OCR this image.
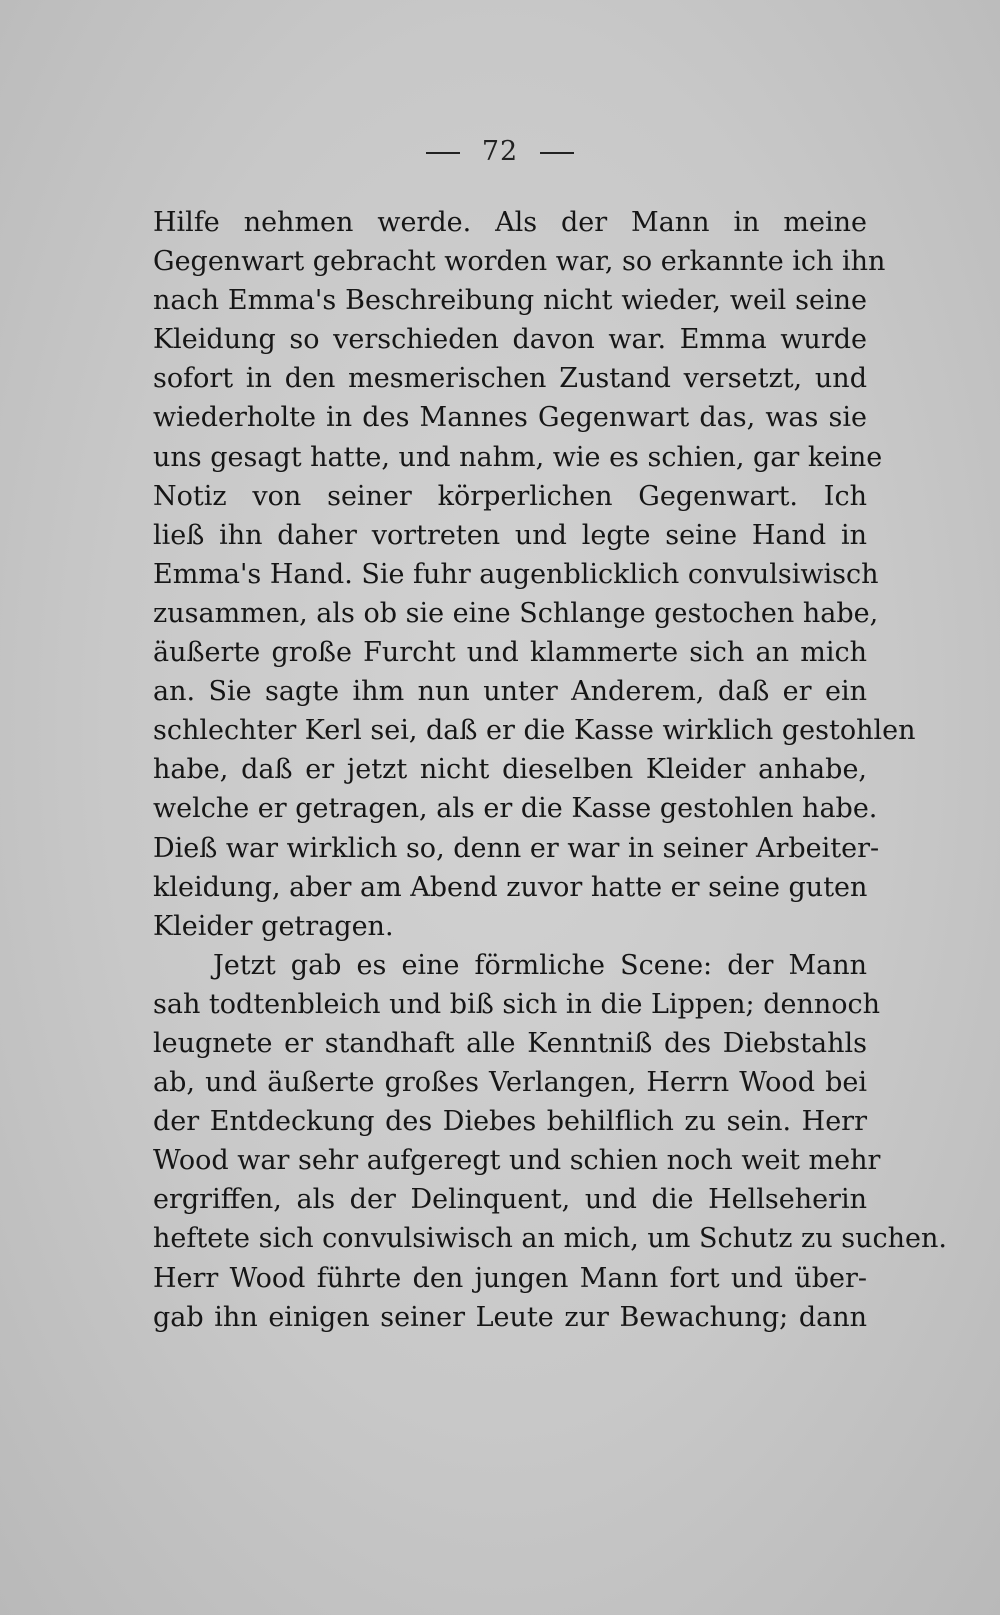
72
Hilfe nehmen werde. Als der Mann in meine
Gegenwart gebracht worden war, so erkannte ich ihn
nach Emma's Beschreibung nicht wieder, weil seine
Kleidung so verschieden davon war. Emma wurde
sofort in den mesmerischen Zustand versetzt, und
wiederholte in des Mannes Gegenwart das, was sie
uns gesagt hatte, und nahm, wie es schien, gar keine
Notiz von seiner körperlichen Gegenwart. Ich
ließ ihn daher vortreten und legte seine Hand in
Emma's Hand. Sie fuhr augenblicklich convulsiwisch
zusammen, als ob sie eine Schlange gestochen habe,
äußerte große Furcht und klammerte sich an mich
an. Sie sagte ihm nun unter Anderem, daß er ein
schlechter Kerl sei, daß er die Kasse wirklich gestohlen
habe, daß er jetzt nicht dieselben Kleider anhabe,
welche er getragen, als er die Kasse gestohlen habe.
Dieß war wirklich so, denn er war in seiner Arbeiter-
kleidung, aber am Abend zuvor hatte er seine guten
Kleider getragen.
Jetzt gab es eine förmliche Scene: der Mann
sah todtenbleich und biß sich in die Lippen; dennoch
leugnete er standhaft alle Kenntniß des Diebstahls
ab, und äußerte großes Verlangen, Herrn Wood bei
der Entdeckung des Diebes behilflich zu sein. Herr
Wood war sehr aufgeregt und schien noch weit mehr
ergriffen, als der Delinquent, und die Hellseherin
heftete sich convulsiwisch an mich, um Schutz zu suchen.
Herr Wood führte den jungen Mann fort und über-
gab ihn einigen seiner Leute zur Bewachung; dann
